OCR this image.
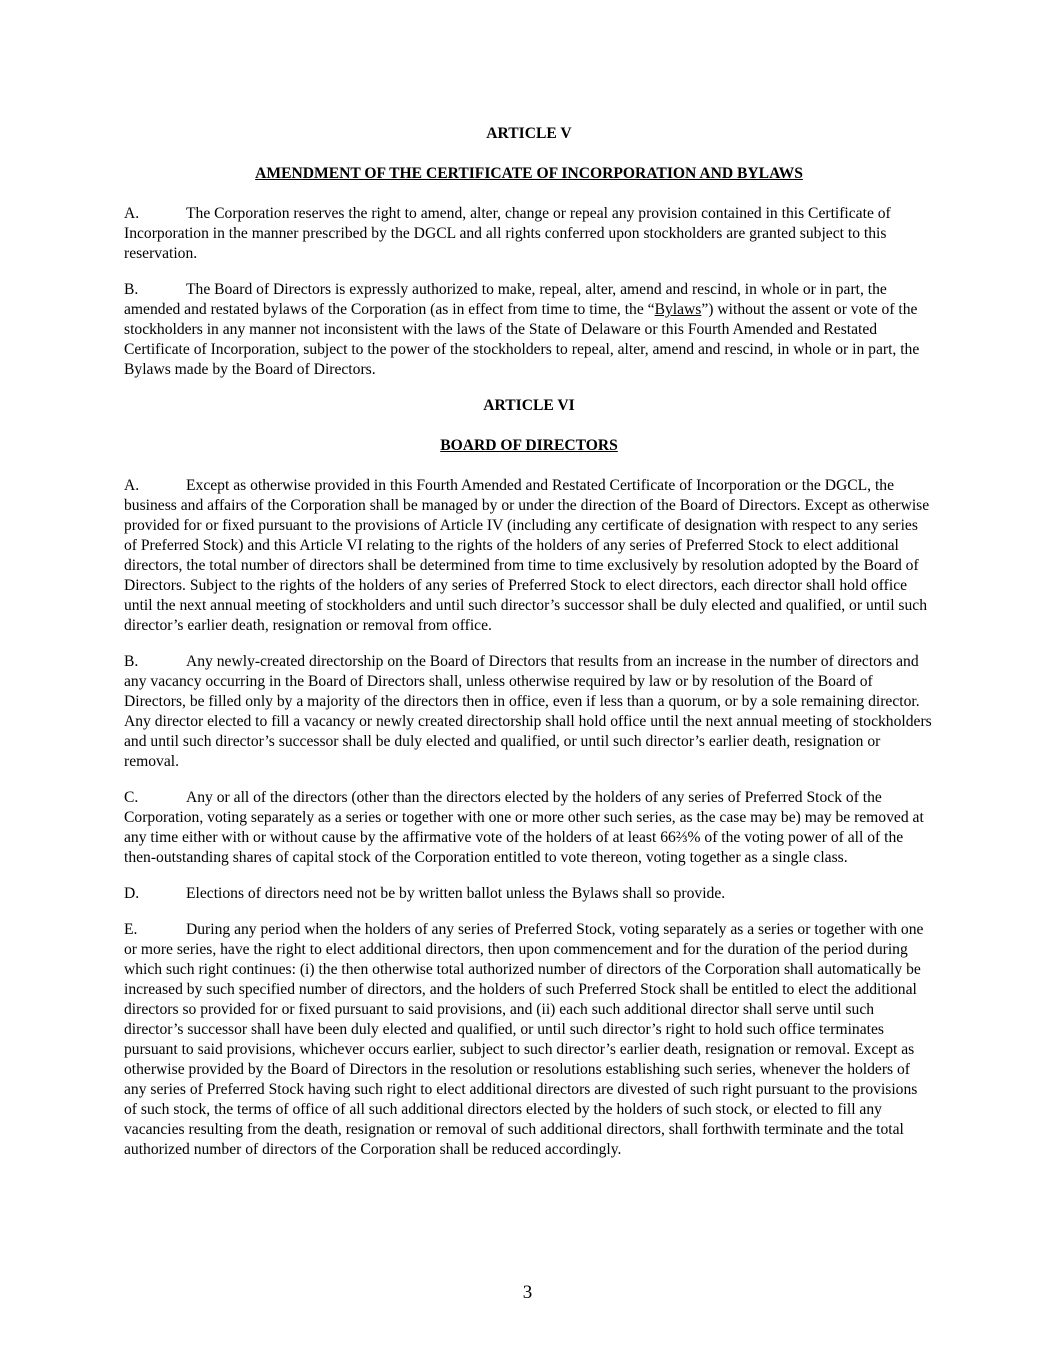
ARTICLE V

AMENDMENT OF THE CERTIFICATE OF INCORPORATION AND BYLAWS

A.	The Corporation reserves the right to amend, alter, change or repeal any provision contained in this Certificate of Incorporation in the manner prescribed by the DGCL and all rights conferred upon stockholders are granted subject to this reservation.

B.	The Board of Directors is expressly authorized to make, repeal, alter, amend and rescind, in whole or in part, the amended and restated bylaws of the Corporation (as in effect from time to time, the “Bylaws”) without the assent or vote of the stockholders in any manner not inconsistent with the laws of the State of Delaware or this Fourth Amended and Restated Certificate of Incorporation, subject to the power of the stockholders to repeal, alter, amend and rescind, in whole or in part, the Bylaws made by the Board of Directors.

ARTICLE VI

BOARD OF DIRECTORS

A.	Except as otherwise provided in this Fourth Amended and Restated Certificate of Incorporation or the DGCL, the business and affairs of the Corporation shall be managed by or under the direction of the Board of Directors. Except as otherwise provided for or fixed pursuant to the provisions of Article IV (including any certificate of designation with respect to any series of Preferred Stock) and this Article VI relating to the rights of the holders of any series of Preferred Stock to elect additional directors, the total number of directors shall be determined from time to time exclusively by resolution adopted by the Board of Directors. Subject to the rights of the holders of any series of Preferred Stock to elect directors, each director shall hold office until the next annual meeting of stockholders and until such director’s successor shall be duly elected and qualified, or until such director’s earlier death, resignation or removal from office.

B.	Any newly-created directorship on the Board of Directors that results from an increase in the number of directors and any vacancy occurring in the Board of Directors shall, unless otherwise required by law or by resolution of the Board of Directors, be filled only by a majority of the directors then in office, even if less than a quorum, or by a sole remaining director. Any director elected to fill a vacancy or newly created directorship shall hold office until the next annual meeting of stockholders and until such director’s successor shall be duly elected and qualified, or until such director’s earlier death, resignation or removal.

C.	Any or all of the directors (other than the directors elected by the holders of any series of Preferred Stock of the Corporation, voting separately as a series or together with one or more other such series, as the case may be) may be removed at any time either with or without cause by the affirmative vote of the holders of at least 66⅔% of the voting power of all of the then-outstanding shares of capital stock of the Corporation entitled to vote thereon, voting together as a single class.

D.	Elections of directors need not be by written ballot unless the Bylaws shall so provide.

E.	During any period when the holders of any series of Preferred Stock, voting separately as a series or together with one or more series, have the right to elect additional directors, then upon commencement and for the duration of the period during which such right continues: (i) the then otherwise total authorized number of directors of the Corporation shall automatically be increased by such specified number of directors, and the holders of such Preferred Stock shall be entitled to elect the additional directors so provided for or fixed pursuant to said provisions, and (ii) each such additional director shall serve until such director’s successor shall have been duly elected and qualified, or until such director’s right to hold such office terminates pursuant to said provisions, whichever occurs earlier, subject to such director’s earlier death, resignation or removal. Except as otherwise provided by the Board of Directors in the resolution or resolutions establishing such series, whenever the holders of any series of Preferred Stock having such right to elect additional directors are divested of such right pursuant to the provisions of such stock, the terms of office of all such additional directors elected by the holders of such stock, or elected to fill any vacancies resulting from the death, resignation or removal of such additional directors, shall forthwith terminate and the total authorized number of directors of the Corporation shall be reduced accordingly.

3
